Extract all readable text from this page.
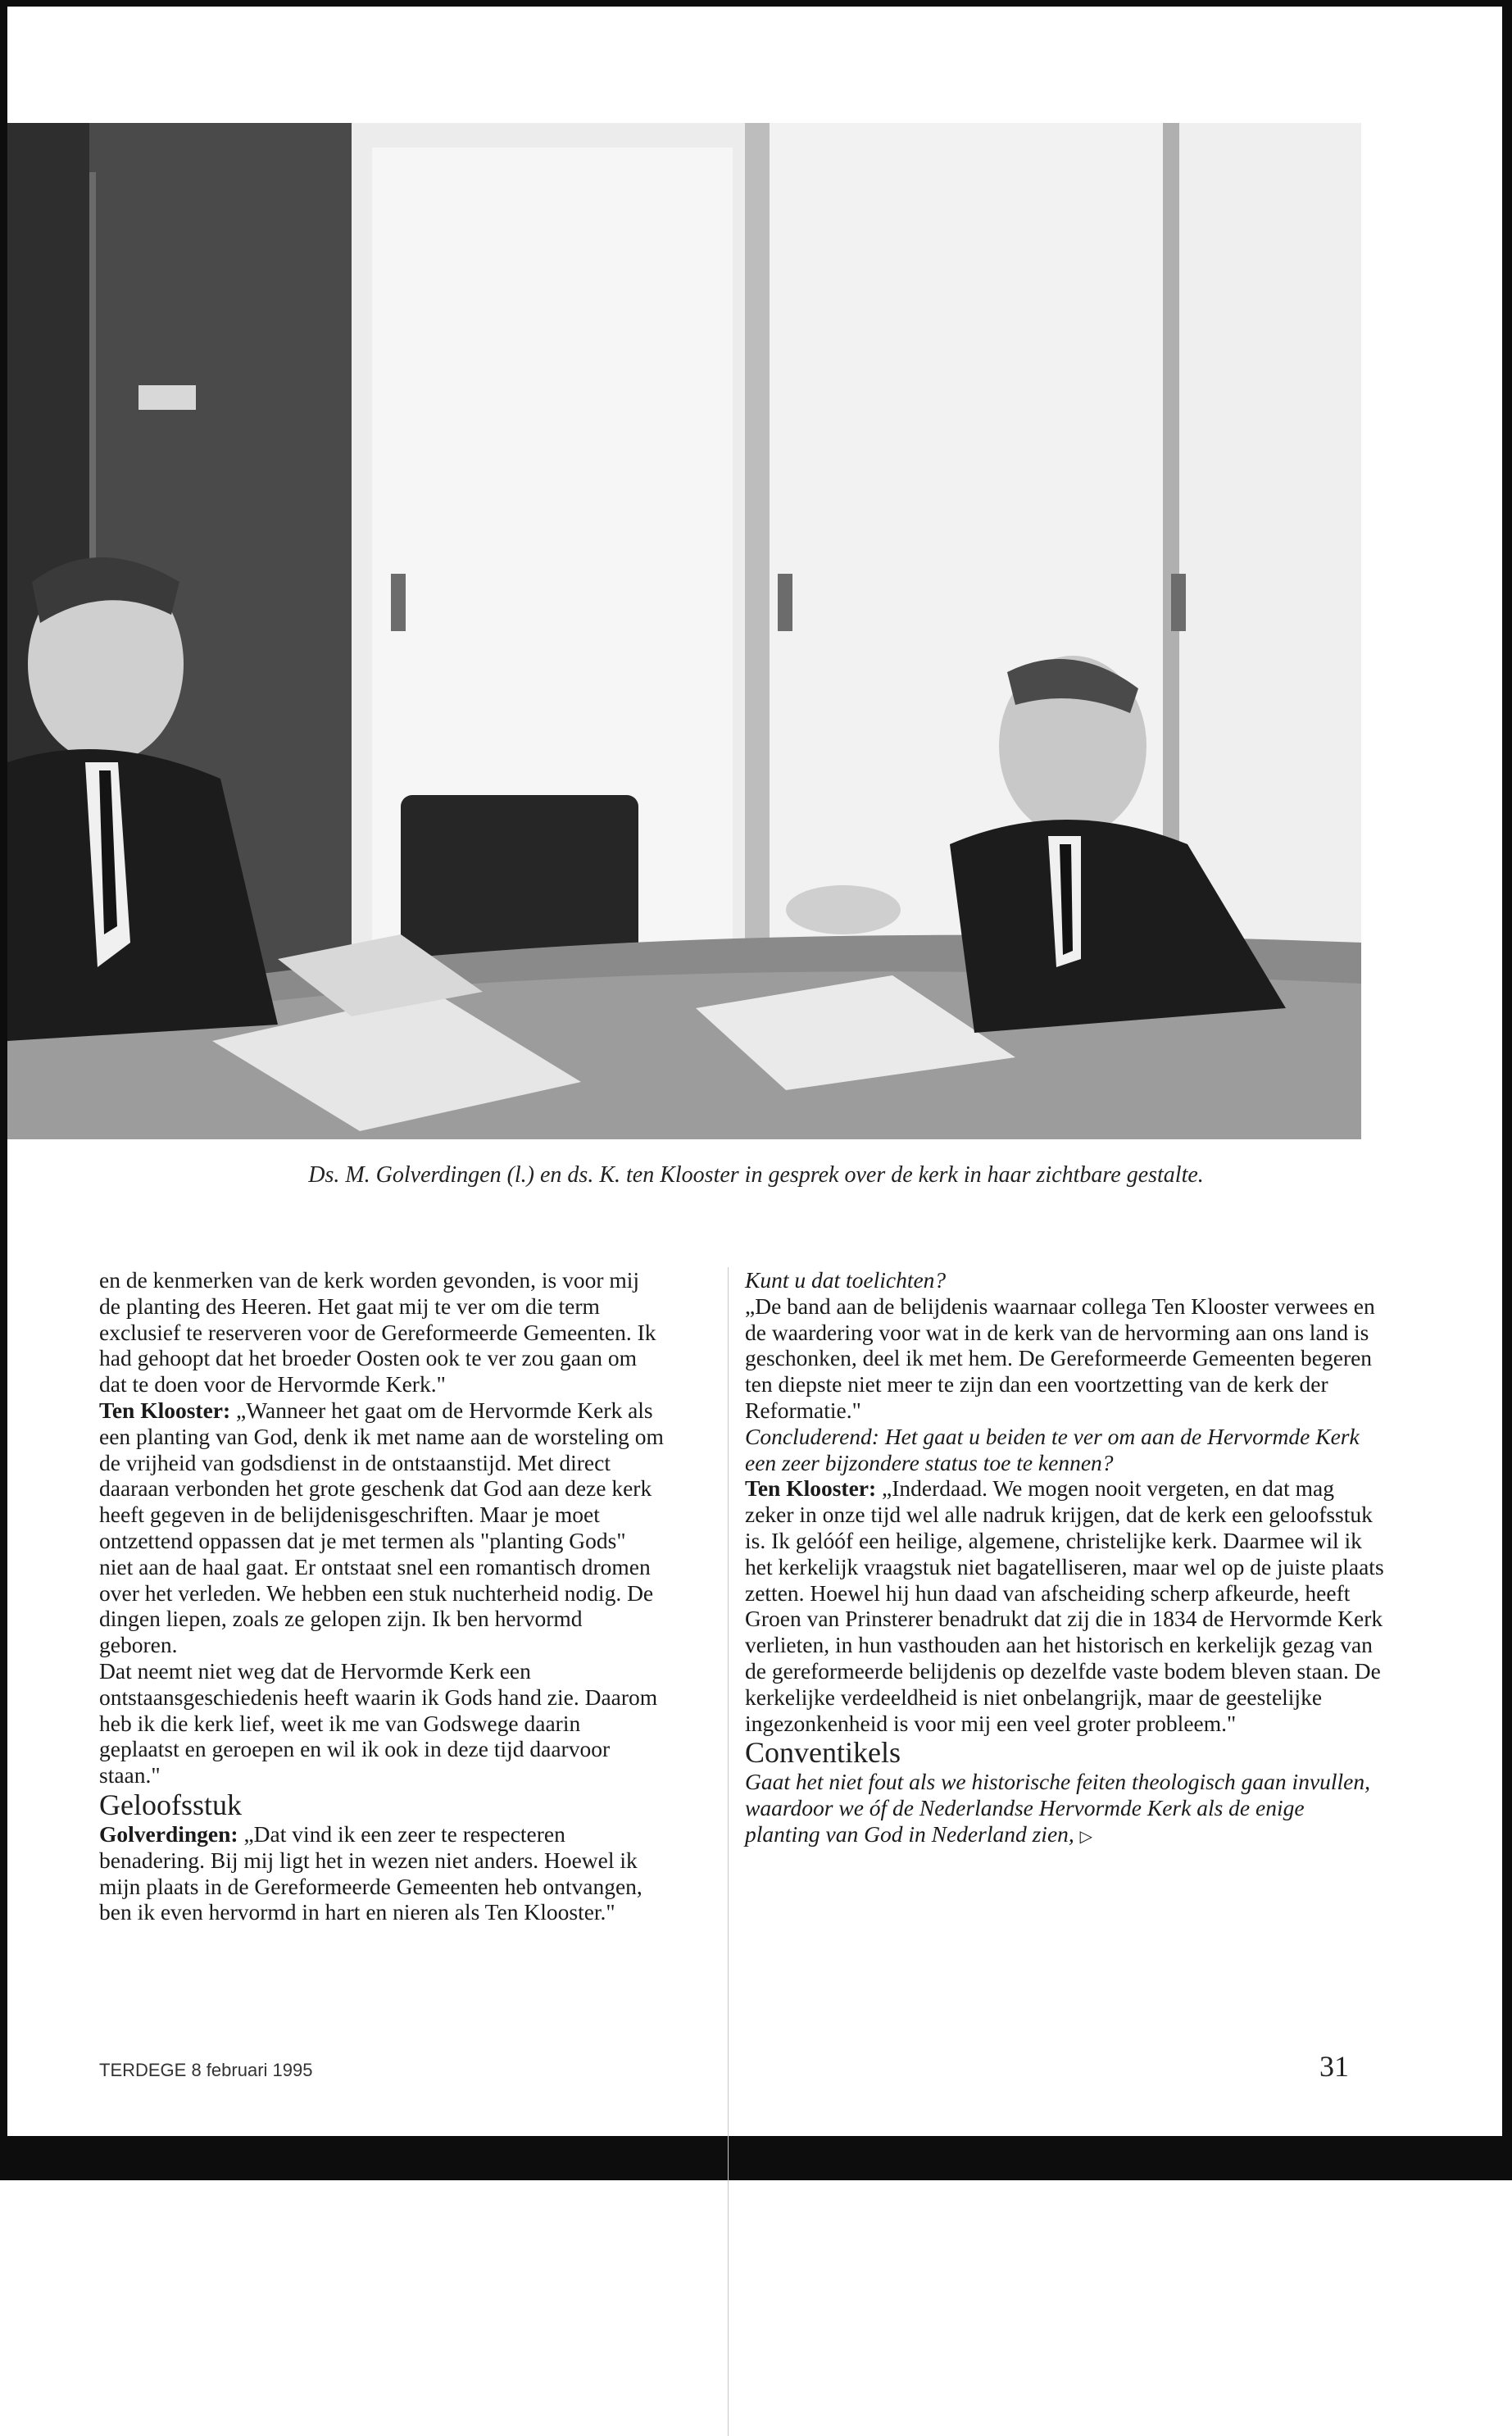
Ds. M. Golverdingen (l.) en ds. K. ten Klooster in gesprek over de kerk in haar zichtbare gestalte.

en de kenmerken van de kerk worden gevonden, is voor mij de planting des Heeren. Het gaat mij te ver om die term exclusief te reserveren voor de Gereformeerde Gemeenten. Ik had gehoopt dat het broeder Oosten ook te ver zou gaan om dat te doen voor de Hervormde Kerk."

Ten Klooster: „Wanneer het gaat om de Hervormde Kerk als een planting van God, denk ik met name aan de worsteling om de vrijheid van godsdienst in de ontstaanstijd. Met direct daaraan verbonden het grote geschenk dat God aan deze kerk heeft gegeven in de belijdenisgeschriften. Maar je moet ontzettend oppassen dat je met termen als "planting Gods" niet aan de haal gaat. Er ontstaat snel een romantisch dromen over het verleden. We hebben een stuk nuchterheid nodig. De dingen liepen, zoals ze gelopen zijn. Ik ben hervormd geboren.

Dat neemt niet weg dat de Hervormde Kerk een ontstaansgeschiedenis heeft waarin ik Gods hand zie. Daarom heb ik die kerk lief, weet ik me van Godswege daarin geplaatst en geroepen en wil ik ook in deze tijd daarvoor staan."

Geloofsstuk

Golverdingen: „Dat vind ik een zeer te respecteren benadering. Bij mij ligt het in wezen niet anders. Hoewel ik mijn plaats in de Gereformeerde Gemeenten heb ontvangen, ben ik even hervormd in hart en nieren als Ten Klooster."

Kunt u dat toelichten?

„De band aan de belijdenis waarnaar collega Ten Klooster verwees en de waardering voor wat in de kerk van de hervorming aan ons land is geschonken, deel ik met hem. De Gereformeerde Gemeenten begeren ten diepste niet meer te zijn dan een voortzetting van de kerk der Reformatie."

Concluderend: Het gaat u beiden te ver om aan de Hervormde Kerk een zeer bijzondere status toe te kennen?

Ten Klooster: „Inderdaad. We mogen nooit vergeten, en dat mag zeker in onze tijd wel alle nadruk krijgen, dat de kerk een geloofsstuk is. Ik gelóóf een heilige, algemene, christelijke kerk. Daarmee wil ik het kerkelijk vraagstuk niet bagatelliseren, maar wel op de juiste plaats zetten. Hoewel hij hun daad van afscheiding scherp afkeurde, heeft Groen van Prinsterer benadrukt dat zij die in 1834 de Hervormde Kerk verlieten, in hun vasthouden aan het historisch en kerkelijk gezag van de gereformeerde belijdenis op dezelfde vaste bodem bleven staan. De kerkelijke verdeeldheid is niet onbelangrijk, maar de geestelijke ingezonkenheid is voor mij een veel groter probleem."

Conventikels

Gaat het niet fout als we historische feiten theologisch gaan invullen, waardoor we óf de Nederlandse Hervormde Kerk als de enige planting van God in Nederland zien, ▷

TERDEGE 8 februari 1995	31
